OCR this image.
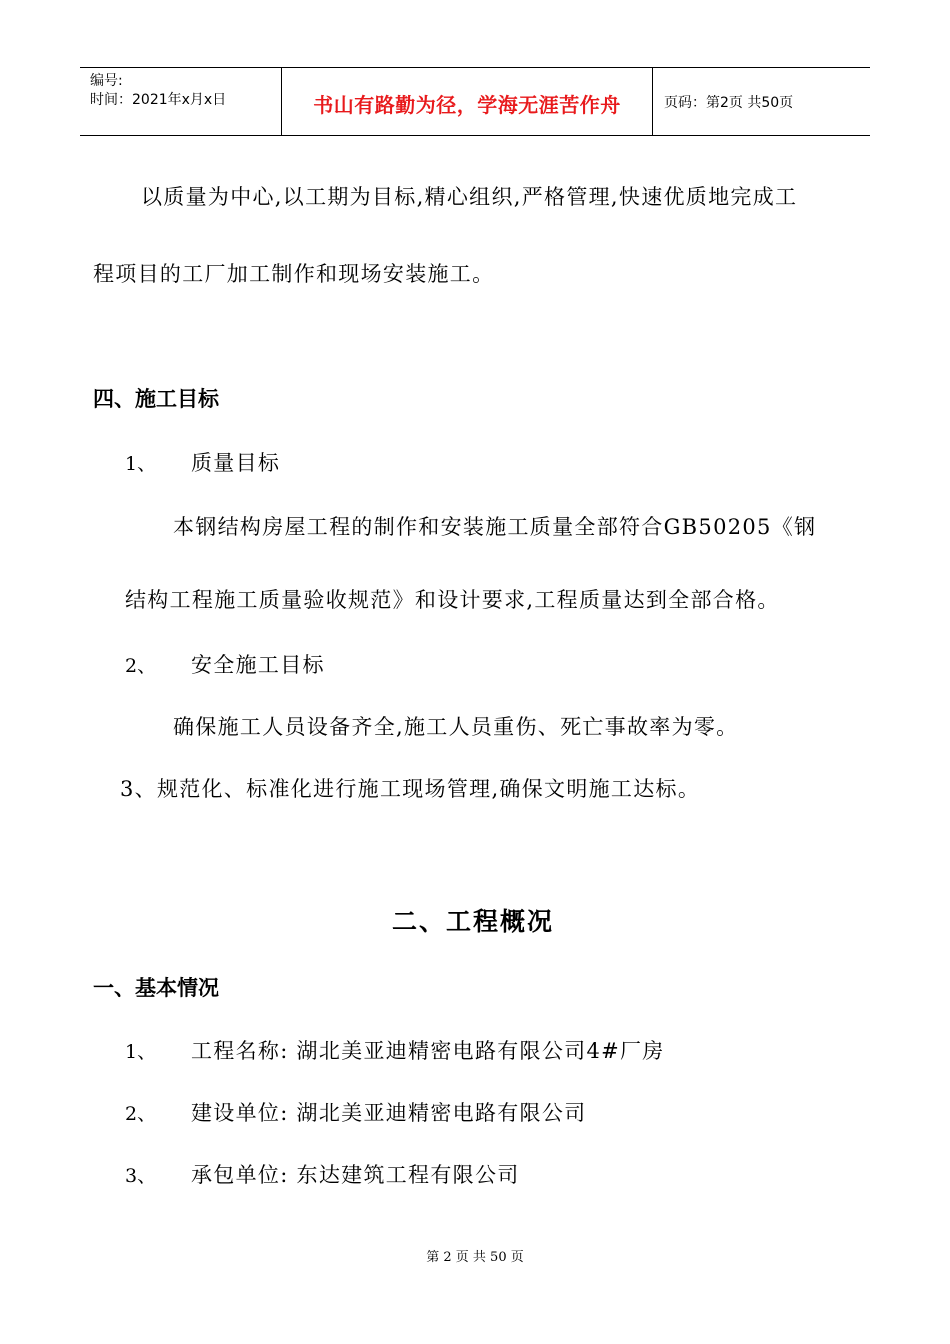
编号:
时间：2021年x月x日	书山有路勤为径，学海无涯苦作舟	页码：第2页 共50页
以质量为中心,以工期为目标,精心组织,严格管理,快速优质地完成工
程项目的工厂加工制作和现场安装施工。
四、施工目标
1、 质量目标
本钢结构房屋工程的制作和安装施工质量全部符合GB50205《钢
结构工程施工质量验收规范》和设计要求,工程质量达到全部合格。
2、 安全施工目标
确保施工人员设备齐全,施工人员重伤、死亡事故率为零。
3、规范化、标准化进行施工现场管理,确保文明施工达标。
二、工程概况
一、基本情况
1、 工程名称: 湖北美亚迪精密电路有限公司4#厂房
2、 建设单位: 湖北美亚迪精密电路有限公司
3、 承包单位: 东达建筑工程有限公司
第 2 页 共 50 页
